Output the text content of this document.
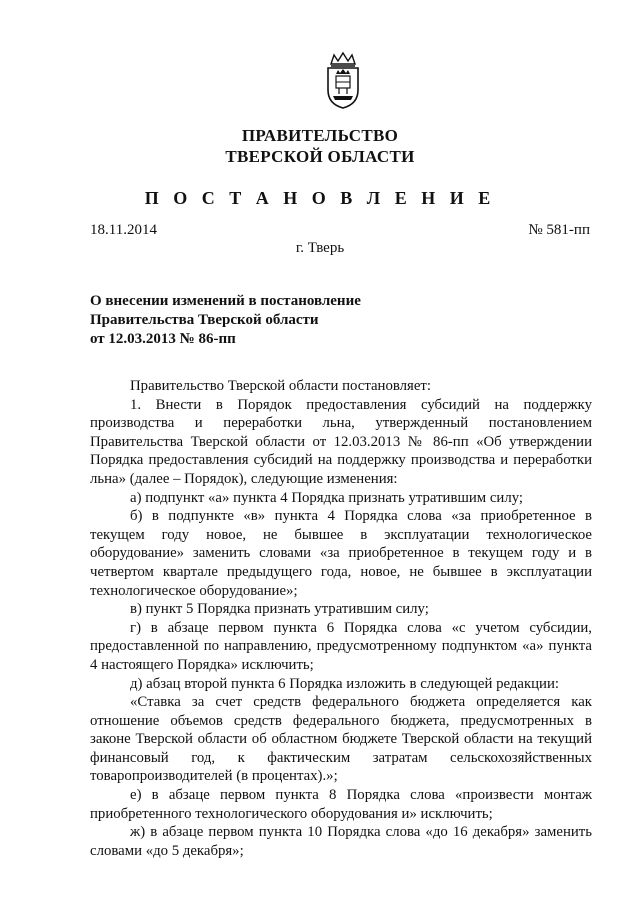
ПРАВИТЕЛЬСТВО
ТВЕРСКОЙ ОБЛАСТИ
П О С Т А Н О В Л Е Н И Е
18.11.2014	№ 581-пп
г. Тверь
О внесении изменений в постановление
Правительства Тверской области
от 12.03.2013 № 86-пп

Правительство Тверской области постановляет:

1. Внести в Порядок предоставления субсидий на поддержку производства и переработки льна, утвержденный постановлением Правительства Тверской области от 12.03.2013 № 86-пп «Об утверждении Порядка предоставления субсидий на поддержку производства и переработки льна» (далее – Порядок), следующие изменения:

а) подпункт «а» пункта 4 Порядка признать утратившим силу;

б) в подпункте «в» пункта 4 Порядка слова «за приобретенное в текущем году новое, не бывшее в эксплуатации технологическое оборудование» заменить словами «за приобретенное в текущем году и в четвертом квартале предыдущего года, новое, не бывшее в эксплуатации технологическое оборудование»;

в) пункт 5 Порядка признать утратившим силу;

г) в абзаце первом пункта 6 Порядка слова «с учетом субсидии, предоставленной по направлению, предусмотренному подпунктом «а» пункта 4 настоящего Порядка» исключить;

д) абзац второй пункта 6 Порядка изложить в следующей редакции:

«Ставка за счет средств федерального бюджета определяется как отношение объемов средств федерального бюджета, предусмотренных в законе Тверской области об областном бюджете Тверской области на текущий финансовый год, к фактическим затратам сельскохозяйственных товаропроизводителей (в процентах).»;

е) в абзаце первом пункта 8 Порядка слова «произвести монтаж приобретенного технологического оборудования и» исключить;

ж) в абзаце первом пункта 10 Порядка слова «до 16 декабря» заменить словами «до 5 декабря»;
